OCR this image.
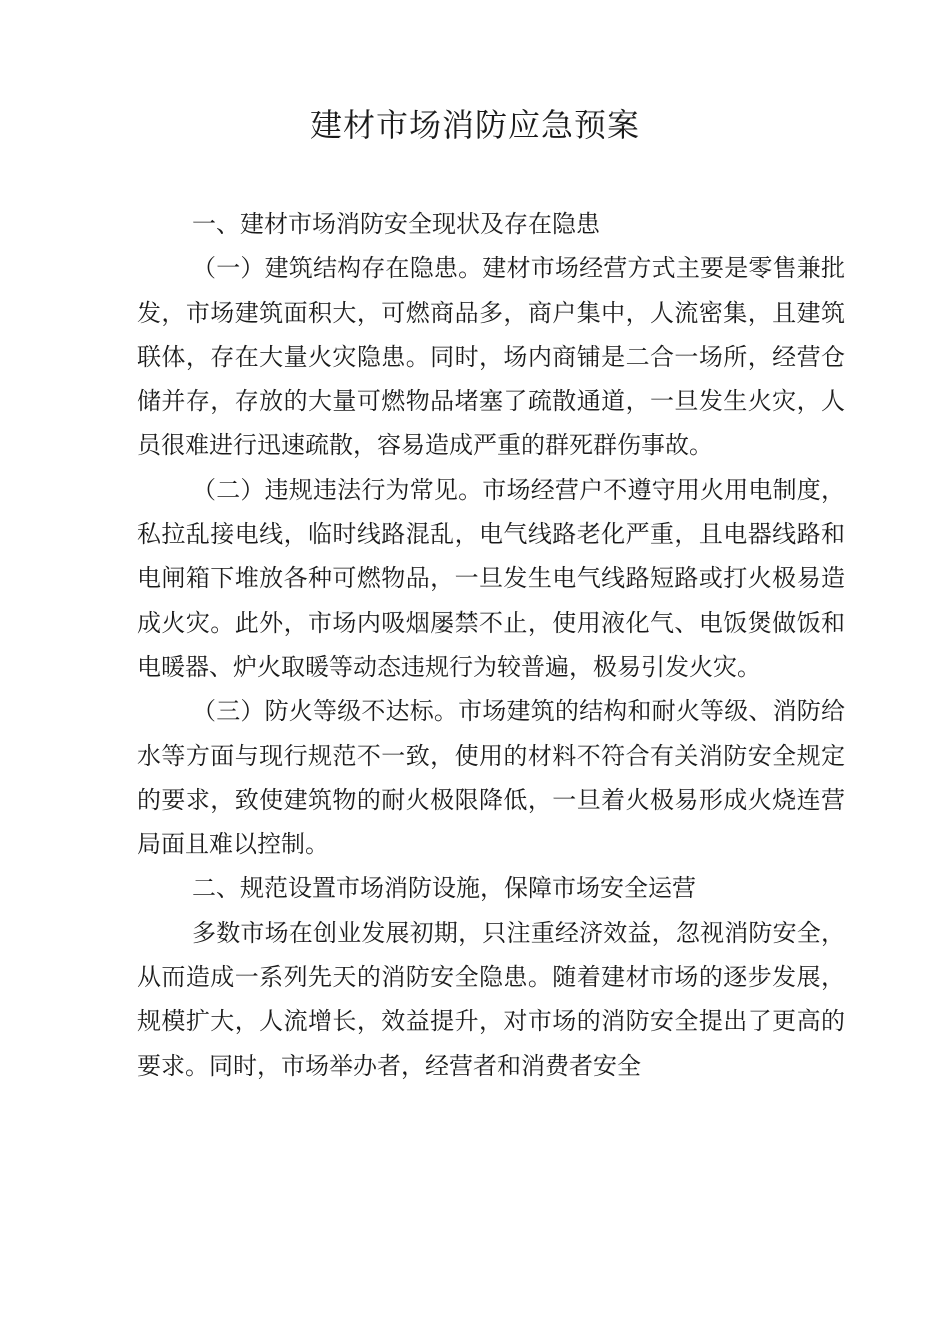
建材市场消防应急预案

一、建材市场消防安全现状及存在隐患

（一）建筑结构存在隐患。建材市场经营方式主要是零售兼批发，市场建筑面积大，可燃商品多，商户集中，人流密集，且建筑联体，存在大量火灾隐患。同时，场内商铺是二合一场所，经营仓储并存，存放的大量可燃物品堵塞了疏散通道，一旦发生火灾，人员很难进行迅速疏散，容易造成严重的群死群伤事故。

（二）违规违法行为常见。市场经营户不遵守用火用电制度，私拉乱接电线，临时线路混乱，电气线路老化严重，且电器线路和电闸箱下堆放各种可燃物品，一旦发生电气线路短路或打火极易造成火灾。此外，市场内吸烟屡禁不止，使用液化气、电饭煲做饭和电暖器、炉火取暖等动态违规行为较普遍，极易引发火灾。

（三）防火等级不达标。市场建筑的结构和耐火等级、消防给水等方面与现行规范不一致，使用的材料不符合有关消防安全规定的要求，致使建筑物的耐火极限降低，一旦着火极易形成火烧连营局面且难以控制。

二、规范设置市场消防设施，保障市场安全运营

多数市场在创业发展初期，只注重经济效益，忽视消防安全，从而造成一系列先天的消防安全隐患。随着建材市场的逐步发展，规模扩大，人流增长，效益提升，对市场的消防安全提出了更高的要求。同时，市场举办者，经营者和消费者安全
